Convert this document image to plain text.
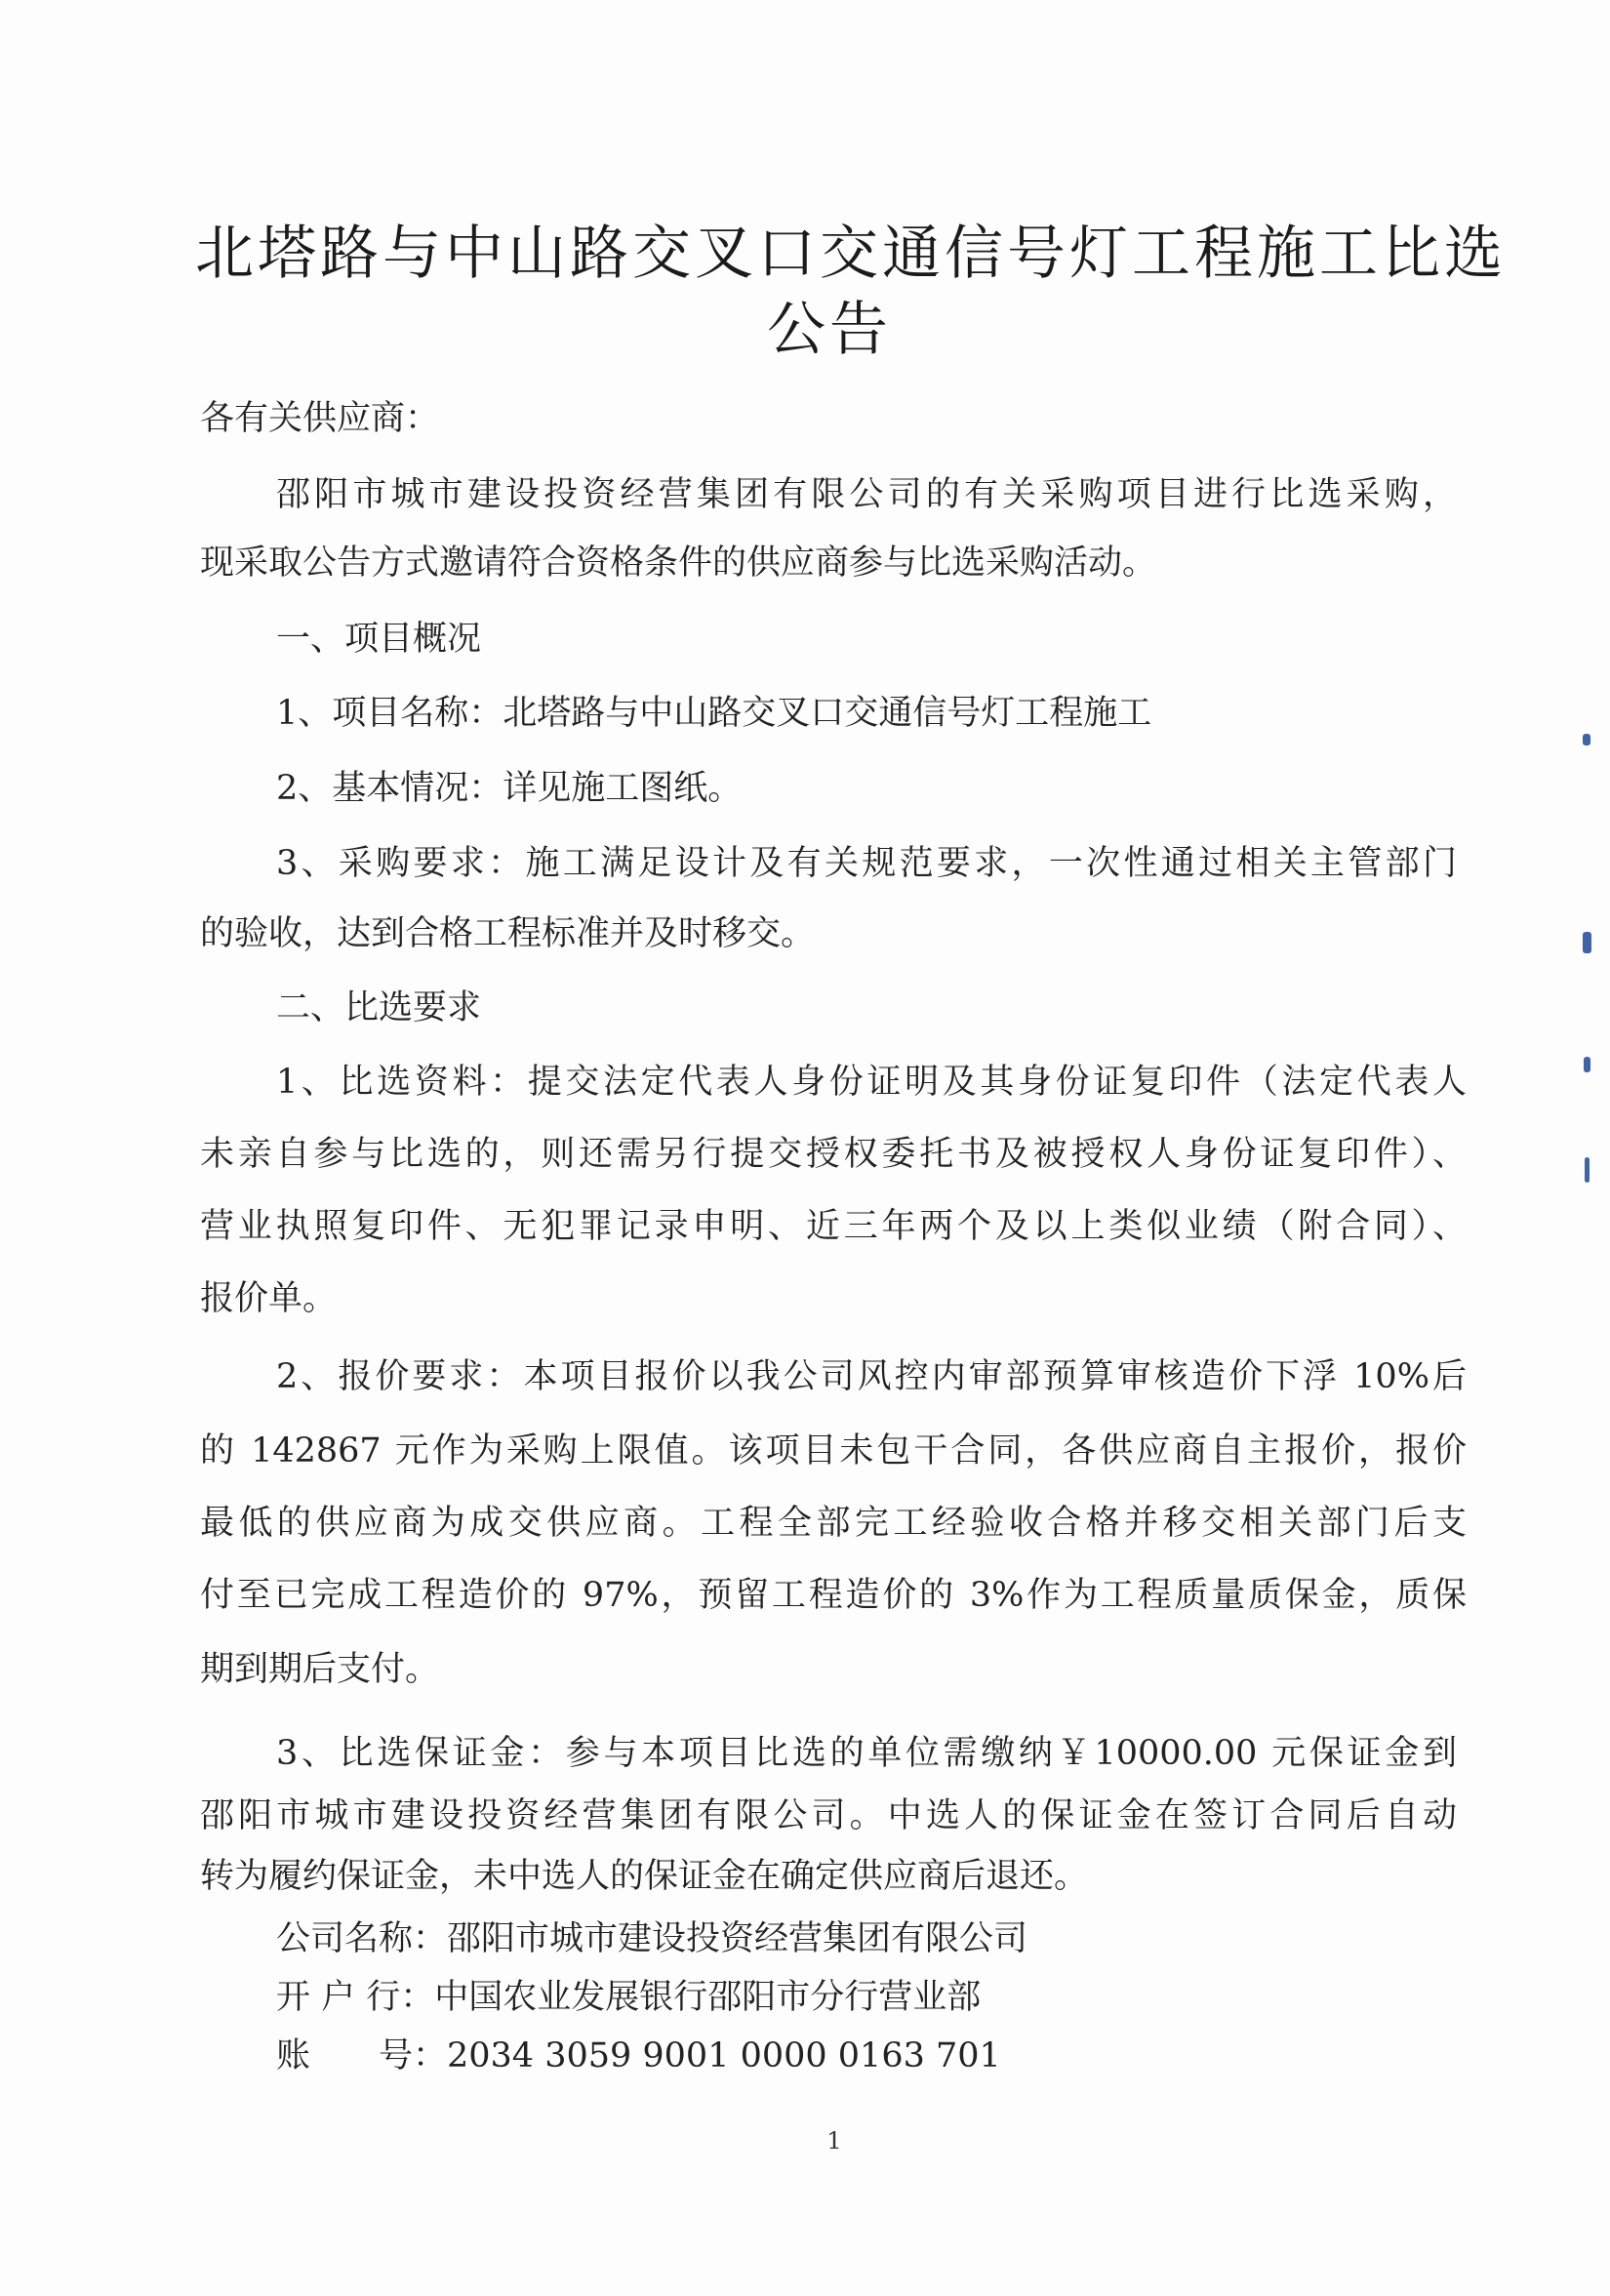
北塔路与中山路交叉口交通信号灯工程施工比选
公告
各有关供应商：
邵阳市城市建设投资经营集团有限公司的有关采购项目进行比选采购，
现采取公告方式邀请符合资格条件的供应商参与比选采购活动。
一、项目概况
1、项目名称：北塔路与中山路交叉口交通信号灯工程施工
2、基本情况：详见施工图纸。
3、采购要求：施工满足设计及有关规范要求，一次性通过相关主管部门
的验收，达到合格工程标准并及时移交。
二、比选要求
1、比选资料：提交法定代表人身份证明及其身份证复印件（法定代表人
未亲自参与比选的，则还需另行提交授权委托书及被授权人身份证复印件）、
营业执照复印件、无犯罪记录申明、近三年两个及以上类似业绩（附合同）、
报价单。
2、报价要求：本项目报价以我公司风控内审部预算审核造价下浮 10%后
的 142867 元作为采购上限值。该项目未包干合同，各供应商自主报价，报价
最低的供应商为成交供应商。工程全部完工经验收合格并移交相关部门后支
付至已完成工程造价的 97%，预留工程造价的 3%作为工程质量质保金，质保
期到期后支付。
3、比选保证金：参与本项目比选的单位需缴纳￥10000.00 元保证金到
邵阳市城市建设投资经营集团有限公司。中选人的保证金在签订合同后自动
转为履约保证金，未中选人的保证金在确定供应商后退还。
公司名称：邵阳市城市建设投资经营集团有限公司
开 户 行：中国农业发展银行邵阳市分行营业部
账　　号：2034 3059 9001 0000 0163 701
1
